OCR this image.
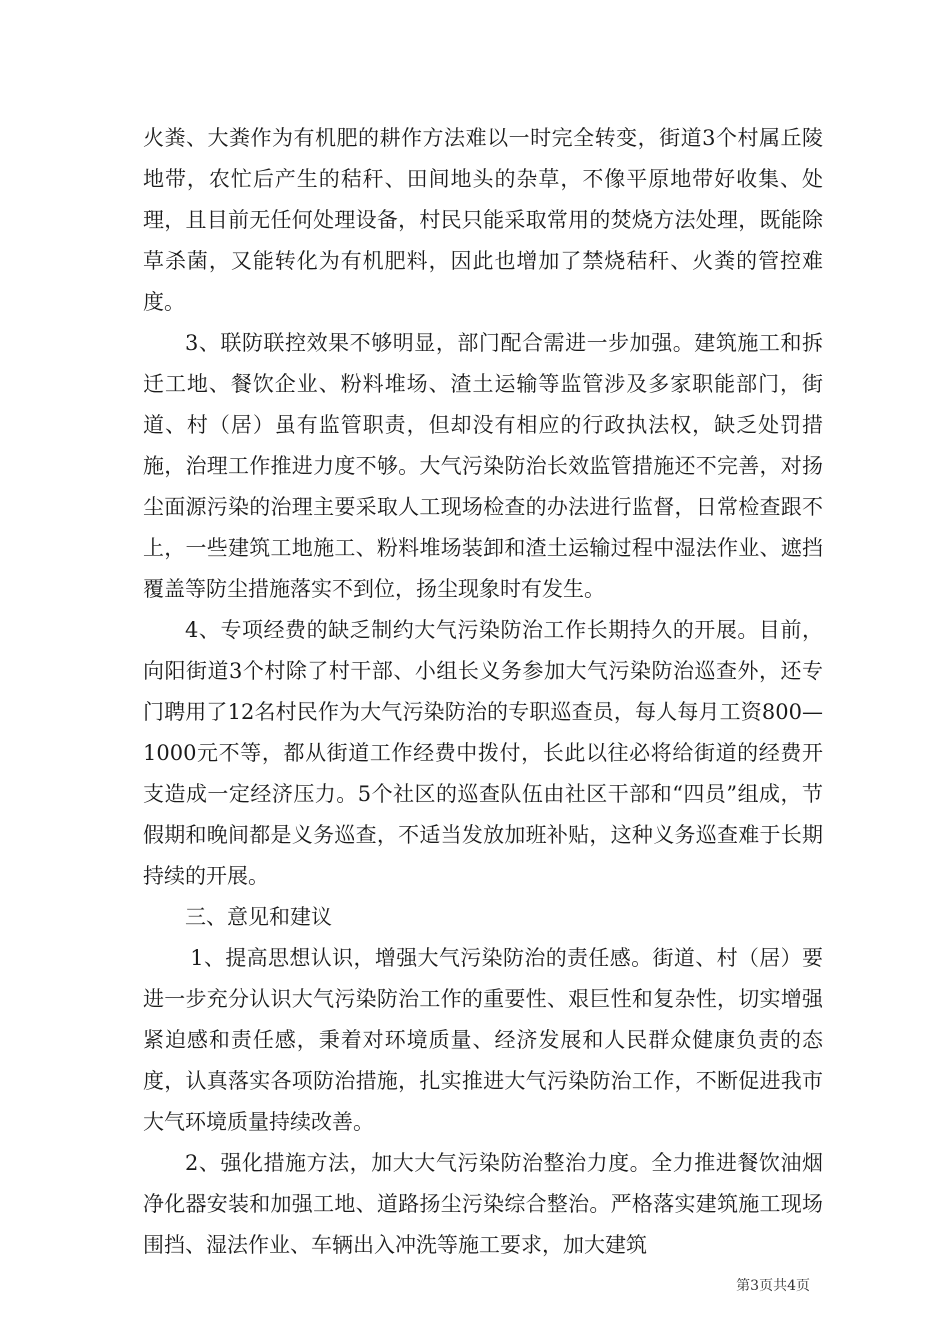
火粪、大粪作为有机肥的耕作方法难以一时完全转变，街道3个村属丘陵地带，农忙后产生的秸秆、田间地头的杂草，不像平原地带好收集、处理，且目前无任何处理设备，村民只能采取常用的焚烧方法处理，既能除草杀菌，又能转化为有机肥料，因此也增加了禁烧秸秆、火粪的管控难度。

3、联防联控效果不够明显，部门配合需进一步加强。建筑施工和拆迁工地、餐饮企业、粉料堆场、渣土运输等监管涉及多家职能部门，街道、村（居）虽有监管职责，但却没有相应的行政执法权，缺乏处罚措施，治理工作推进力度不够。大气污染防治长效监管措施还不完善，对扬尘面源污染的治理主要采取人工现场检查的办法进行监督，日常检查跟不上，一些建筑工地施工、粉料堆场装卸和渣土运输过程中湿法作业、遮挡覆盖等防尘措施落实不到位，扬尘现象时有发生。

4、专项经费的缺乏制约大气污染防治工作长期持久的开展。目前，向阳街道3个村除了村干部、小组长义务参加大气污染防治巡查外，还专门聘用了12名村民作为大气污染防治的专职巡查员，每人每月工资800—1000元不等，都从街道工作经费中拨付，长此以往必将给街道的经费开支造成一定经济压力。5个社区的巡查队伍由社区干部和“四员”组成，节假期和晚间都是义务巡查，不适当发放加班补贴，这种义务巡查难于长期持续的开展。

三、意见和建议

1、提高思想认识，增强大气污染防治的责任感。街道、村（居）要进一步充分认识大气污染防治工作的重要性、艰巨性和复杂性，切实增强紧迫感和责任感，秉着对环境质量、经济发展和人民群众健康负责的态度，认真落实各项防治措施，扎实推进大气污染防治工作，不断促进我市大气环境质量持续改善。

2、强化措施方法，加大大气污染防治整治力度。全力推进餐饮油烟净化器安装和加强工地、道路扬尘污染综合整治。严格落实建筑施工现场围挡、湿法作业、车辆出入冲洗等施工要求，加大建筑

第3页共4页
